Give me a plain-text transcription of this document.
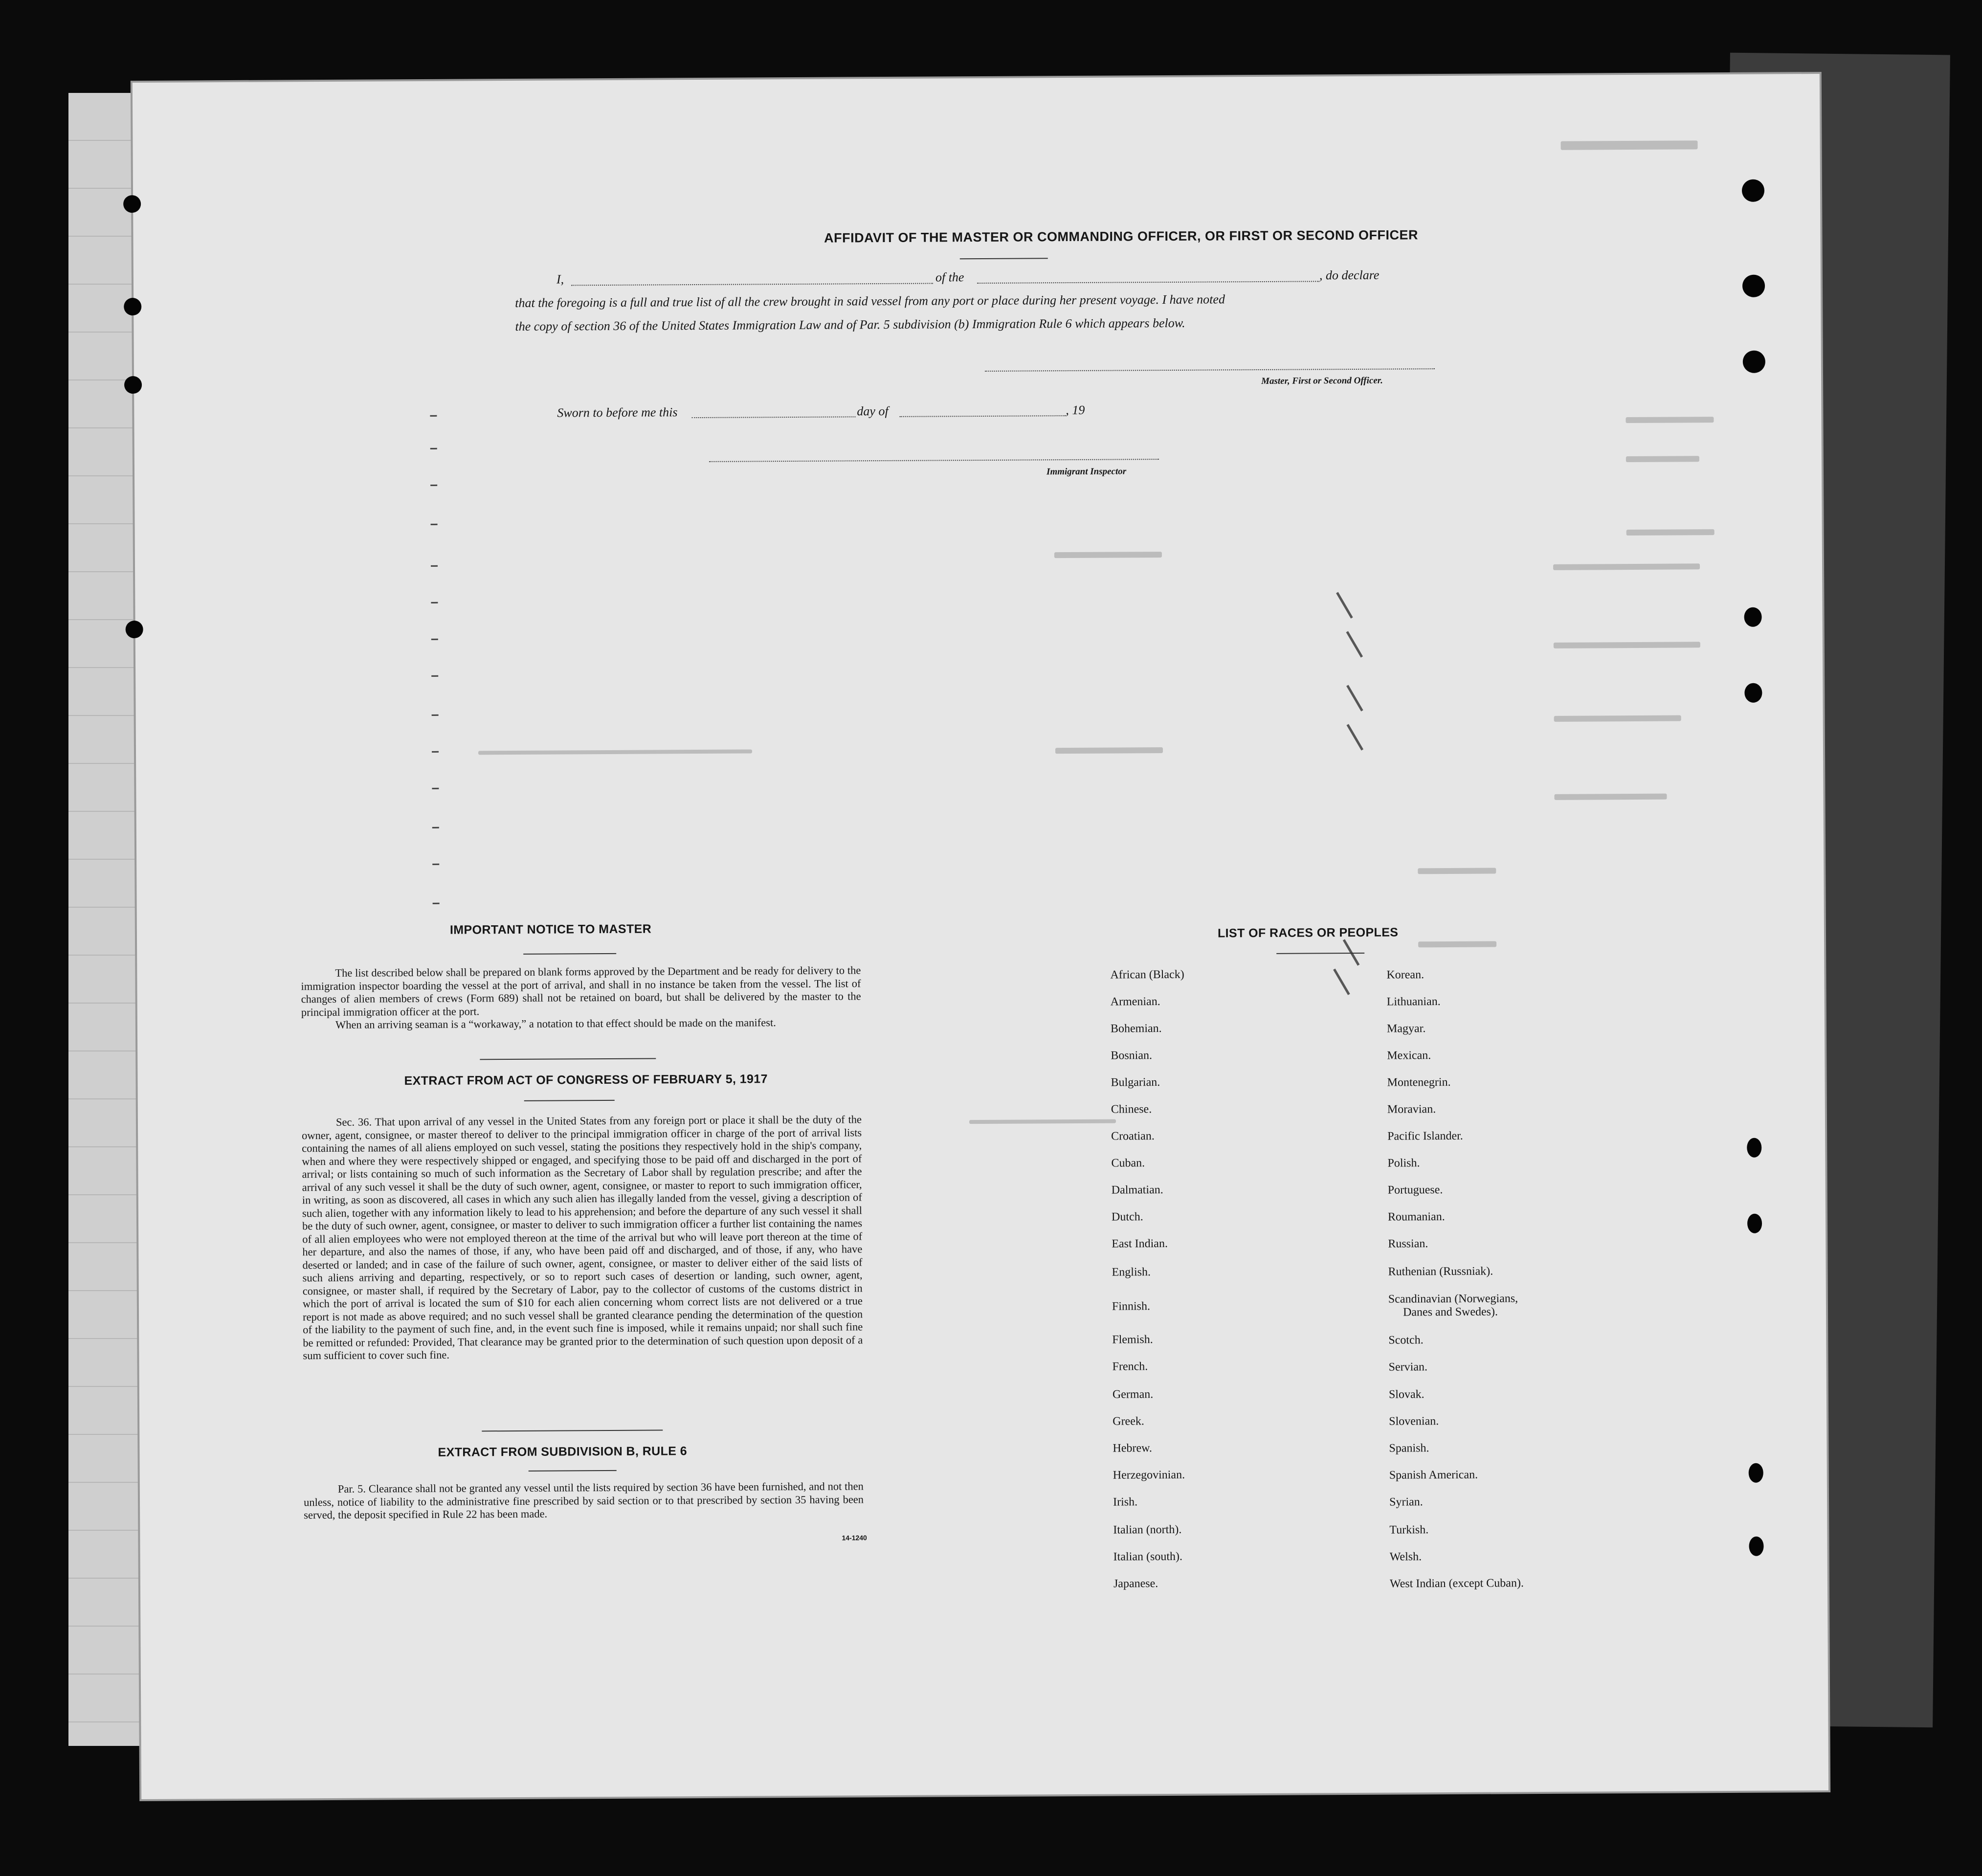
AFFIDAVIT OF THE MASTER OR COMMANDING OFFICER, OR FIRST OR SECOND OFFICER
I,	of the	, do declare
that the foregoing is a full and true list of all the crew brought in said vessel from any port or place during her present voyage. I have noted
the copy of section 36 of the United States Immigration Law and of Par. 5 subdivision (b) Immigration Rule 6 which appears below.
Master, First or Second Officer.
Sworn to before me this	day of	, 19
Immigrant Inspector
IMPORTANT NOTICE TO MASTER

The list described below shall be prepared on blank forms approved by the Department and be ready for delivery to the immigration inspector boarding the vessel at the port of arrival, and shall in no instance be taken from the vessel. The list of changes of alien members of crews (Form 689) shall not be retained on board, but shall be delivered by the master to the principal immigration officer at the port.

When an arriving seaman is a “workaway,” a notation to that effect should be made on the manifest.

EXTRACT FROM ACT OF CONGRESS OF FEBRUARY 5, 1917

Sec. 36. That upon arrival of any vessel in the United States from any foreign port or place it shall be the duty of the owner, agent, consignee, or master thereof to deliver to the principal immigration officer in charge of the port of arrival lists containing the names of all aliens employed on such vessel, stating the positions they respectively hold in the ship's company, when and where they were respectively shipped or engaged, and specifying those to be paid off and discharged in the port of arrival; or lists containing so much of such information as the Secretary of Labor shall by regulation prescribe; and after the arrival of any such vessel it shall be the duty of such owner, agent, consignee, or master to report to such immigration officer, in writing, as soon as discovered, all cases in which any such alien has illegally landed from the vessel, giving a description of such alien, together with any information likely to lead to his apprehension; and before the departure of any such vessel it shall be the duty of such owner, agent, consignee, or master to deliver to such immigration officer a further list containing the names of all alien employees who were not employed thereon at the time of the arrival but who will leave port thereon at the time of her departure, and also the names of those, if any, who have been paid off and discharged, and of those, if any, who have deserted or landed; and in case of the failure of such owner, agent, consignee, or master to deliver either of the said lists of such aliens arriving and departing, respectively, or so to report such cases of desertion or landing, such owner, agent, consignee, or master shall, if required by the Secretary of Labor, pay to the collector of customs of the customs district in which the port of arrival is located the sum of $10 for each alien concerning whom correct lists are not delivered or a true report is not made as above required; and no such vessel shall be granted clearance pending the determination of the question of the liability to the payment of such fine, and, in the event such fine is imposed, while it remains unpaid; nor shall such fine be remitted or refunded: Provided, That clearance may be granted prior to the determination of such question upon deposit of a sum sufficient to cover such fine.

EXTRACT FROM SUBDIVISION B, RULE 6

Par. 5. Clearance shall not be granted any vessel until the lists required by section 36 have been furnished, and not then unless, notice of liability to the administrative fine prescribed by said section or to that prescribed by section 35 having been served, the deposit specified in Rule 22 has been made.

14-1240
LIST OF RACES OR PEOPLES
African (Black)
Armenian.
Bohemian.
Bosnian.
Bulgarian.
Chinese.
Croatian.
Cuban.
Dalmatian.
Dutch.
East Indian.
English.
Finnish.
Flemish.
French.
German.
Greek.
Hebrew.
Herzegovinian.
Irish.
Italian (north).
Italian (south).
Japanese.
Korean.
Lithuanian.
Magyar.
Mexican.
Montenegrin.
Moravian.
Pacific Islander.
Polish.
Portuguese.
Roumanian.
Russian.
Ruthenian (Russniak).
Scandinavian (Norwegians,
Danes and Swedes).
Scotch.
Servian.
Slovak.
Slovenian.
Spanish.
Spanish American.
Syrian.
Turkish.
Welsh.
West Indian (except Cuban).
